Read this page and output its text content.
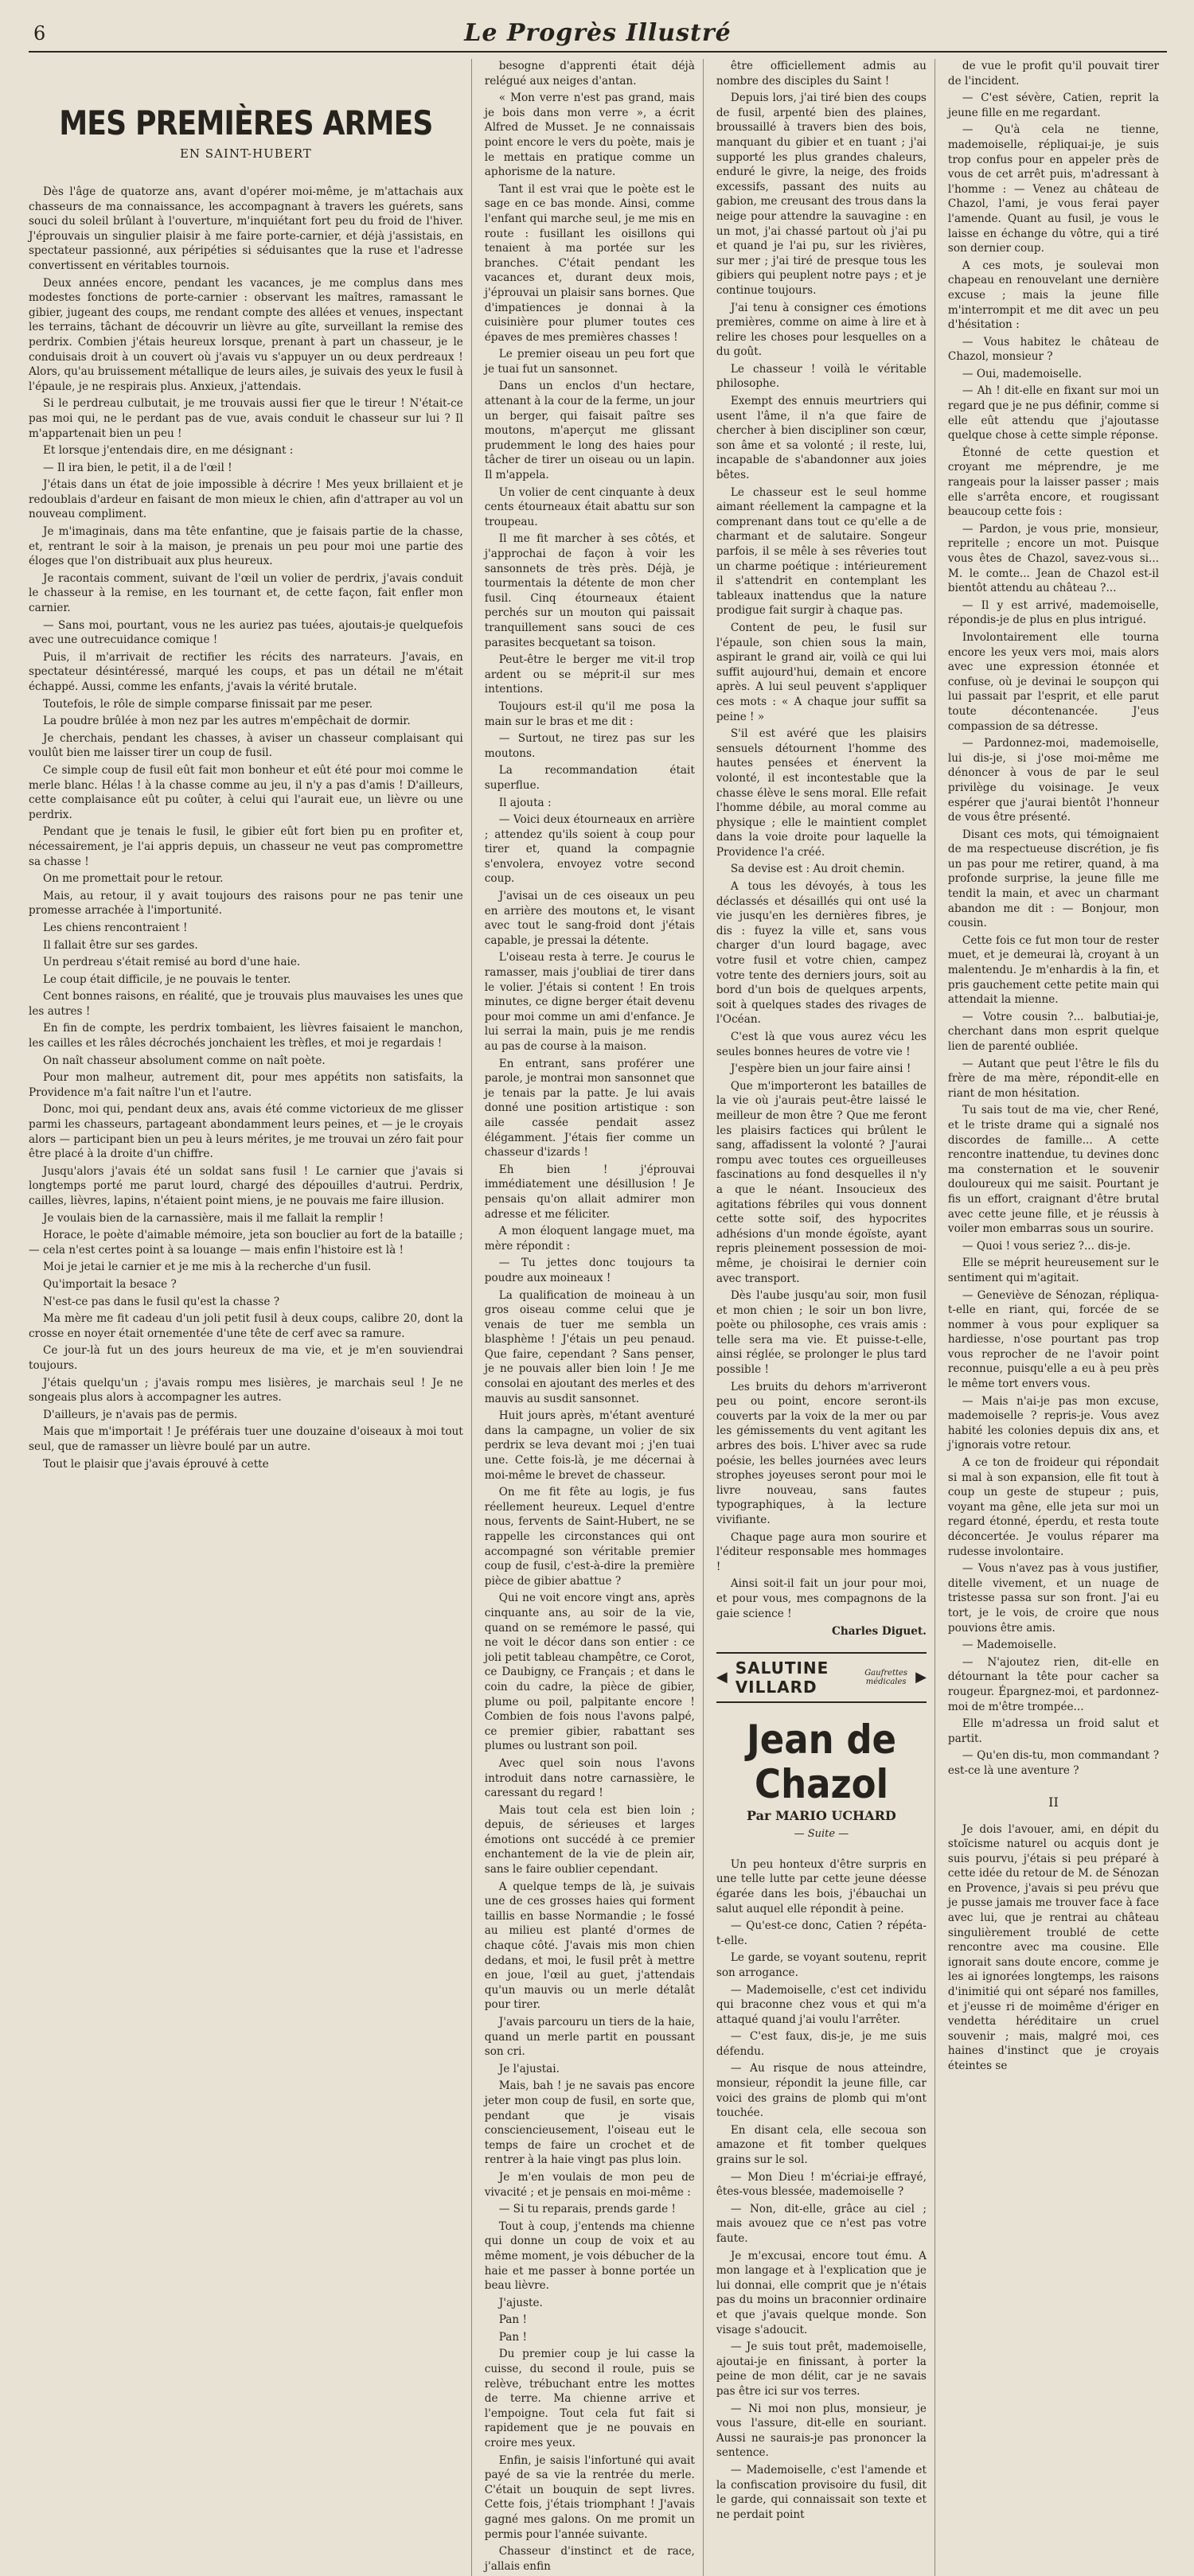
6	Le Progrès Illustré
MES PREMIÈRES ARMES
EN SAINT-HUBERT

Dès l'âge de quatorze ans, avant d'opérer moi-même, je m'attachais aux chasseurs de ma connaissance, les accompagnant à travers les guérets, sans souci du soleil brûlant à l'ouverture, m'inquiétant fort peu du froid de l'hiver. J'éprouvais un singulier plaisir à me faire porte-carnier, et déjà j'assistais, en spectateur passionné, aux péripéties si séduisantes que la ruse et l'adresse convertissent en véritables tournois.

Deux années encore, pendant les vacances, je me complus dans mes modestes fonctions de porte-carnier : observant les maîtres, ramassant le gibier, jugeant des coups, me rendant compte des allées et venues, inspectant les terrains, tâchant de découvrir un lièvre au gîte, surveillant la remise des perdrix. Combien j'étais heureux lorsque, prenant à part un chasseur, je le conduisais droit à un couvert où j'avais vu s'appuyer un ou deux perdreaux ! Alors, qu'au bruissement métallique de leurs ailes, je suivais des yeux le fusil à l'épaule, je ne respirais plus. Anxieux, j'attendais.

Si le perdreau culbutait, je me trouvais aussi fier que le tireur ! N'était-ce pas moi qui, ne le perdant pas de vue, avais conduit le chasseur sur lui ? Il m'appartenait bien un peu !

Et lorsque j'entendais dire, en me désignant :

— Il ira bien, le petit, il a de l'œil !

J'étais dans un état de joie impossible à décrire ! Mes yeux brillaient et je redoublais d'ardeur en faisant de mon mieux le chien, afin d'attraper au vol un nouveau compliment.

Je m'imaginais, dans ma tête enfantine, que je faisais partie de la chasse, et, rentrant le soir à la maison, je prenais un peu pour moi une partie des éloges que l'on distribuait aux plus heureux.

Je racontais comment, suivant de l'œil un volier de perdrix, j'avais conduit le chasseur à la remise, en les tournant et, de cette façon, fait enfler mon carnier.

— Sans moi, pourtant, vous ne les auriez pas tuées, ajoutais-je quelquefois avec une outrecuidance comique !

Puis, il m'arrivait de rectifier les récits des narrateurs. J'avais, en spectateur désintéressé, marqué les coups, et pas un détail ne m'était échappé. Aussi, comme les enfants, j'avais la vérité brutale.

Toutefois, le rôle de simple comparse finissait par me peser.

La poudre brûlée à mon nez par les autres m'empêchait de dormir.

Je cherchais, pendant les chasses, à aviser un chasseur complaisant qui voulût bien me laisser tirer un coup de fusil.

Ce simple coup de fusil eût fait mon bonheur et eût été pour moi comme le merle blanc. Hélas ! à la chasse comme au jeu, il n'y a pas d'amis ! D'ailleurs, cette complaisance eût pu coûter, à celui qui l'aurait eue, un lièvre ou une perdrix.

Pendant que je tenais le fusil, le gibier eût fort bien pu en profiter et, nécessairement, je l'ai appris depuis, un chasseur ne veut pas compromettre sa chasse !

On me promettait pour le retour.

Mais, au retour, il y avait toujours des raisons pour ne pas tenir une promesse arrachée à l'importunité.

Les chiens rencontraient !

Il fallait être sur ses gardes.

Un perdreau s'était remisé au bord d'une haie.

Le coup était difficile, je ne pouvais le tenter.

Cent bonnes raisons, en réalité, que je trouvais plus mauvaises les unes que les autres !

En fin de compte, les perdrix tombaient, les lièvres faisaient le manchon, les cailles et les râles décrochés jonchaient les trèfles, et moi je regardais !

On naît chasseur absolument comme on naît poète.

Pour mon malheur, autrement dit, pour mes appétits non satisfaits, la Providence m'a fait naître l'un et l'autre.

Donc, moi qui, pendant deux ans, avais été comme victorieux de me glisser parmi les chasseurs, partageant abondamment leurs peines, et — je le croyais alors — participant bien un peu à leurs mérites, je me trouvai un zéro fait pour être placé à la droite d'un chiffre.

Jusqu'alors j'avais été un soldat sans fusil ! Le carnier que j'avais si longtemps porté me parut lourd, chargé des dépouilles d'autrui. Perdrix, cailles, lièvres, lapins, n'étaient point miens, je ne pouvais me faire illusion.

Je voulais bien de la carnassière, mais il me fallait la remplir !

Horace, le poète d'aimable mémoire, jeta son bouclier au fort de la bataille ; — cela n'est certes point à sa louange — mais enfin l'histoire est là !

Moi je jetai le carnier et je me mis à la recherche d'un fusil.

Qu'importait la besace ?

N'est-ce pas dans le fusil qu'est la chasse ?

Ma mère me fit cadeau d'un joli petit fusil à deux coups, calibre 20, dont la crosse en noyer était ornementée d'une tête de cerf avec sa ramure.

Ce jour-là fut un des jours heureux de ma vie, et je m'en souviendrai toujours.

J'étais quelqu'un ; j'avais rompu mes lisières, je marchais seul ! Je ne songeais plus alors à accompagner les autres.

D'ailleurs, je n'avais pas de permis.

Mais que m'importait ! Je préférais tuer une douzaine d'oiseaux à moi tout seul, que de ramasser un lièvre boulé par un autre.

Tout le plaisir que j'avais éprouvé à cette

besogne d'apprenti était déjà relégué aux neiges d'antan.

« Mon verre n'est pas grand, mais je bois dans mon verre », a écrit Alfred de Musset. Je ne connaissais point encore le vers du poète, mais je le mettais en pratique comme un aphorisme de la nature.

Tant il est vrai que le poète est le sage en ce bas monde. Ainsi, comme l'enfant qui marche seul, je me mis en route : fusillant les oisillons qui tenaient à ma portée sur les branches. C'était pendant les vacances et, durant deux mois, j'éprouvai un plaisir sans bornes. Que d'impatiences je donnai à la cuisinière pour plumer toutes ces épaves de mes premières chasses !

Le premier oiseau un peu fort que je tuai fut un sansonnet.

Dans un enclos d'un hectare, attenant à la cour de la ferme, un jour un berger, qui faisait paître ses moutons, m'aperçut me glissant prudemment le long des haies pour tâcher de tirer un oiseau ou un lapin. Il m'appela.

Un volier de cent cinquante à deux cents étourneaux était abattu sur son troupeau.

Il me fit marcher à ses côtés, et j'approchai de façon à voir les sansonnets de très près. Déjà, je tourmentais la détente de mon cher fusil. Cinq étourneaux étaient perchés sur un mouton qui paissait tranquillement sans souci de ces parasites becquetant sa toison.

Peut-être le berger me vit-il trop ardent ou se méprit-il sur mes intentions.

Toujours est-il qu'il me posa la main sur le bras et me dit :

— Surtout, ne tirez pas sur les moutons.

La recommandation était superflue.

Il ajouta :

— Voici deux étourneaux en arrière ; attendez qu'ils soient à coup pour tirer et, quand la compagnie s'envolera, envoyez votre second coup.

J'avisai un de ces oiseaux un peu en arrière des moutons et, le visant avec tout le sang-froid dont j'étais capable, je pressai la détente.

L'oiseau resta à terre. Je courus le ramasser, mais j'oubliai de tirer dans le volier. J'étais si content ! En trois minutes, ce digne berger était devenu pour moi comme un ami d'enfance. Je lui serrai la main, puis je me rendis au pas de course à la maison.

En entrant, sans proférer une parole, je montrai mon sansonnet que je tenais par la patte. Je lui avais donné une position artistique : son aile cassée pendait assez élégamment. J'étais fier comme un chasseur d'izards !

Eh bien ! j'éprouvai immédiatement une désillusion ! Je pensais qu'on allait admirer mon adresse et me féliciter.

A mon éloquent langage muet, ma mère répondit :

— Tu jettes donc toujours ta poudre aux moineaux !

La qualification de moineau à un gros oiseau comme celui que je venais de tuer me sembla un blasphème ! J'étais un peu penaud. Que faire, cependant ? Sans penser, je ne pouvais aller bien loin ! Je me consolai en ajoutant des merles et des mauvis au susdit sansonnet.

Huit jours après, m'étant aventuré dans la campagne, un volier de six perdrix se leva devant moi ; j'en tuai une. Cette fois-là, je me décernai à moi-même le brevet de chasseur.

On me fit fête au logis, je fus réellement heureux. Lequel d'entre nous, fervents de Saint-Hubert, ne se rappelle les circonstances qui ont accompagné son véritable premier coup de fusil, c'est-à-dire la première pièce de gibier abattue ?

Qui ne voit encore vingt ans, après cinquante ans, au soir de la vie, quand on se remémore le passé, qui ne voit le décor dans son entier : ce joli petit tableau champêtre, ce Corot, ce Daubigny, ce Français ; et dans le coin du cadre, la pièce de gibier, plume ou poil, palpitante encore ! Combien de fois nous l'avons palpé, ce premier gibier, rabattant ses plumes ou lustrant son poil.

Avec quel soin nous l'avons introduit dans notre carnassière, le caressant du regard !

Mais tout cela est bien loin ; depuis, de sérieuses et larges émotions ont succédé à ce premier enchantement de la vie de plein air, sans le faire oublier cependant.

A quelque temps de là, je suivais une de ces grosses haies qui forment taillis en basse Normandie ; le fossé au milieu est planté d'ormes de chaque côté. J'avais mis mon chien dedans, et moi, le fusil prêt à mettre en joue, l'œil au guet, j'attendais qu'un mauvis ou un merle détalât pour tirer.

J'avais parcouru un tiers de la haie, quand un merle partit en poussant son cri.

Je l'ajustai.

Mais, bah ! je ne savais pas encore jeter mon coup de fusil, en sorte que, pendant que je visais consciencieusement, l'oiseau eut le temps de faire un crochet et de rentrer à la haie vingt pas plus loin.

Je m'en voulais de mon peu de vivacité ; et je pensais en moi-même :

— Si tu reparais, prends garde !

Tout à coup, j'entends ma chienne qui donne un coup de voix et au même moment, je vois débucher de la haie et me passer à bonne portée un beau lièvre.

J'ajuste.

Pan !

Pan !

Du premier coup je lui casse la cuisse, du second il roule, puis se relève, trébuchant entre les mottes de terre. Ma chienne arrive et l'empoigne. Tout cela fut fait si rapidement que je ne pouvais en croire mes yeux.

Enfin, je saisis l'infortuné qui avait payé de sa vie la rentrée du merle. C'était un bouquin de sept livres. Cette fois, j'étais triomphant ! J'avais gagné mes galons. On me promit un permis pour l'année suivante.

Chasseur d'instinct et de race, j'allais enfin

être officiellement admis au nombre des disciples du Saint !

Depuis lors, j'ai tiré bien des coups de fusil, arpenté bien des plaines, broussaillé à travers bien des bois, manquant du gibier et en tuant ; j'ai supporté les plus grandes chaleurs, enduré le givre, la neige, des froids excessifs, passant des nuits au gabion, me creusant des trous dans la neige pour attendre la sauvagine : en un mot, j'ai chassé partout où j'ai pu et quand je l'ai pu, sur les rivières, sur mer ; j'ai tiré de presque tous les gibiers qui peuplent notre pays ; et je continue toujours.

J'ai tenu à consigner ces émotions premières, comme on aime à lire et à relire les choses pour lesquelles on a du goût.

Le chasseur ! voilà le véritable philosophe.

Exempt des ennuis meurtriers qui usent l'âme, il n'a que faire de chercher à bien discipliner son cœur, son âme et sa volonté ; il reste, lui, incapable de s'abandonner aux joies bêtes.

Le chasseur est le seul homme aimant réellement la campagne et la comprenant dans tout ce qu'elle a de charmant et de salutaire. Songeur parfois, il se mêle à ses rêveries tout un charme poétique : intérieurement il s'attendrit en contemplant les tableaux inattendus que la nature prodigue fait surgir à chaque pas.

Content de peu, le fusil sur l'épaule, son chien sous la main, aspirant le grand air, voilà ce qui lui suffit aujourd'hui, demain et encore après. A lui seul peuvent s'appliquer ces mots : « A chaque jour suffit sa peine ! »

S'il est avéré que les plaisirs sensuels détournent l'homme des hautes pensées et énervent la volonté, il est incontestable que la chasse élève le sens moral. Elle refait l'homme débile, au moral comme au physique ; elle le maintient complet dans la voie droite pour laquelle la Providence l'a créé.

Sa devise est : Au droit chemin.

A tous les dévoyés, à tous les déclassés et désaillés qui ont usé la vie jusqu'en les dernières fibres, je dis : fuyez la ville et, sans vous charger d'un lourd bagage, avec votre fusil et votre chien, campez votre tente des derniers jours, soit au bord d'un bois de quelques arpents, soit à quelques stades des rivages de l'Océan.

C'est là que vous aurez vécu les seules bonnes heures de votre vie !

J'espère bien un jour faire ainsi !

Que m'importeront les batailles de la vie où j'aurais peut-être laissé le meilleur de mon être ? Que me feront les plaisirs factices qui brûlent le sang, affadissent la volonté ? J'aurai rompu avec toutes ces orgueilleuses fascinations au fond desquelles il n'y a que le néant. Insoucieux des agitations fébriles qui vous donnent cette sotte soif, des hypocrites adhésions d'un monde égoïste, ayant repris pleinement possession de moi-même, je choisirai le dernier coin avec transport.

Dès l'aube jusqu'au soir, mon fusil et mon chien ; le soir un bon livre, poète ou philosophe, ces vrais amis : telle sera ma vie. Et puisse-t-elle, ainsi réglée, se prolonger le plus tard possible !

Les bruits du dehors m'arriveront peu ou point, encore seront-ils couverts par la voix de la mer ou par les gémissements du vent agitant les arbres des bois. L'hiver avec sa rude poésie, les belles journées avec leurs strophes joyeuses seront pour moi le livre nouveau, sans fautes typographiques, à la lecture vivifiante.

Chaque page aura mon sourire et l'éditeur responsable mes hommages !

Ainsi soit-il fait un jour pour moi, et pour vous, mes compagnons de la gaie science !

Charles Diguet.

◀ SALUTINE VILLARD
Gaufrettes
médicales ▶
Jean de Chazol
Par MARIO UCHARD
— Suite —

Un peu honteux d'être surpris en une telle lutte par cette jeune déesse égarée dans les bois, j'ébauchai un salut auquel elle répondit à peine.

— Qu'est-ce donc, Catien ? répéta-t-elle.

Le garde, se voyant soutenu, reprit son arrogance.

— Mademoiselle, c'est cet individu qui braconne chez vous et qui m'a attaqué quand j'ai voulu l'arrêter.

— C'est faux, dis-je, je me suis défendu.

— Au risque de nous atteindre, monsieur, répondit la jeune fille, car voici des grains de plomb qui m'ont touchée.

En disant cela, elle secoua son amazone et fit tomber quelques grains sur le sol.

— Mon Dieu ! m'écriai-je effrayé, êtes-vous blessée, mademoiselle ?

— Non, dit-elle, grâce au ciel ; mais avouez que ce n'est pas votre faute.

Je m'excusai, encore tout ému. A mon langage et à l'explication que je lui donnai, elle comprit que je n'étais pas du moins un braconnier ordinaire et que j'avais quelque monde. Son visage s'adoucit.

— Je suis tout prêt, mademoiselle, ajoutai-je en finissant, à porter la peine de mon délit, car je ne savais pas être ici sur vos terres.

— Ni moi non plus, monsieur, je vous l'assure, dit-elle en souriant. Aussi ne saurais-je pas prononcer la sentence.

— Mademoiselle, c'est l'amende et la confiscation provisoire du fusil, dit le garde, qui connaissait son texte et ne perdait point

de vue le profit qu'il pouvait tirer de l'incident.

— C'est sévère, Catien, reprit la jeune fille en me regardant.

— Qu'à cela ne tienne, mademoiselle, répliquai-je, je suis trop confus pour en appeler près de vous de cet arrêt puis, m'adressant à l'homme : — Venez au château de Chazol, l'ami, je vous ferai payer l'amende. Quant au fusil, je vous le laisse en échange du vôtre, qui a tiré son dernier coup.

A ces mots, je soulevai mon chapeau en renouvelant une dernière excuse ; mais la jeune fille m'interrompit et me dit avec un peu d'hésitation :

— Vous habitez le château de Chazol, monsieur ?

— Oui, mademoiselle.

— Ah ! dit-elle en fixant sur moi un regard que je ne pus définir, comme si elle eût attendu que j'ajoutasse quelque chose à cette simple réponse.

Étonné de cette question et croyant me méprendre, je me rangeais pour la laisser passer ; mais elle s'arrêta encore, et rougissant beaucoup cette fois :

— Pardon, je vous prie, monsieur, repritelle ; encore un mot. Puisque vous êtes de Chazol, savez-vous si... M. le comte... Jean de Chazol est-il bientôt attendu au château ?...

— Il y est arrivé, mademoiselle, répondis-je de plus en plus intrigué.

Involontairement elle tourna encore les yeux vers moi, mais alors avec une expression étonnée et confuse, où je devinai le soupçon qui lui passait par l'esprit, et elle parut toute décontenancée. J'eus compassion de sa détresse.

— Pardonnez-moi, mademoiselle, lui dis-je, si j'ose moi-même me dénoncer à vous de par le seul privilège du voisinage. Je veux espérer que j'aurai bientôt l'honneur de vous être présenté.

Disant ces mots, qui témoignaient de ma respectueuse discrétion, je fis un pas pour me retirer, quand, à ma profonde surprise, la jeune fille me tendit la main, et avec un charmant abandon me dit : — Bonjour, mon cousin.

Cette fois ce fut mon tour de rester muet, et je demeurai là, croyant à un malentendu. Je m'enhardis à la fin, et pris gauchement cette petite main qui attendait la mienne.

— Votre cousin ?... balbutiai-je, cherchant dans mon esprit quelque lien de parenté oubliée.

— Autant que peut l'être le fils du frère de ma mère, répondit-elle en riant de mon hésitation.

Tu sais tout de ma vie, cher René, et le triste drame qui a signalé nos discordes de famille... A cette rencontre inattendue, tu devines donc ma consternation et le souvenir douloureux qui me saisit. Pourtant je fis un effort, craignant d'être brutal avec cette jeune fille, et je réussis à voiler mon embarras sous un sourire.

— Quoi ! vous seriez ?... dis-je.

Elle se méprit heureusement sur le sentiment qui m'agitait.

— Geneviève de Sénozan, répliqua-t-elle en riant, qui, forcée de se nommer à vous pour expliquer sa hardiesse, n'ose pourtant pas trop vous reprocher de ne l'avoir point reconnue, puisqu'elle a eu à peu près le même tort envers vous.

— Mais n'ai-je pas mon excuse, mademoiselle ? repris-je. Vous avez habité les colonies depuis dix ans, et j'ignorais votre retour.

A ce ton de froideur qui répondait si mal à son expansion, elle fit tout à coup un geste de stupeur ; puis, voyant ma gêne, elle jeta sur moi un regard étonné, éperdu, et resta toute déconcertée. Je voulus réparer ma rudesse involontaire.

— Vous n'avez pas à vous justifier, ditelle vivement, et un nuage de tristesse passa sur son front. J'ai eu tort, je le vois, de croire que nous pouvions être amis.

— Mademoiselle.

— N'ajoutez rien, dit-elle en détournant la tête pour cacher sa rougeur. Épargnez-moi, et pardonnez-moi de m'être trompée...

Elle m'adressa un froid salut et partit.

— Qu'en dis-tu, mon commandant ? est-ce là une aventure ?

II

Je dois l'avouer, ami, en dépit du stoïcisme naturel ou acquis dont je suis pourvu, j'étais si peu préparé à cette idée du retour de M. de Sénozan en Provence, j'avais si peu prévu que je pusse jamais me trouver face à face avec lui, que je rentrai au château singulièrement troublé de cette rencontre avec ma cousine. Elle ignorait sans doute encore, comme je les ai ignorées longtemps, les raisons d'inimitié qui ont séparé nos familles, et j'eusse ri de moimême d'ériger en vendetta héréditaire un cruel souvenir ; mais, malgré moi, ces haines d'instinct que je croyais éteintes se
